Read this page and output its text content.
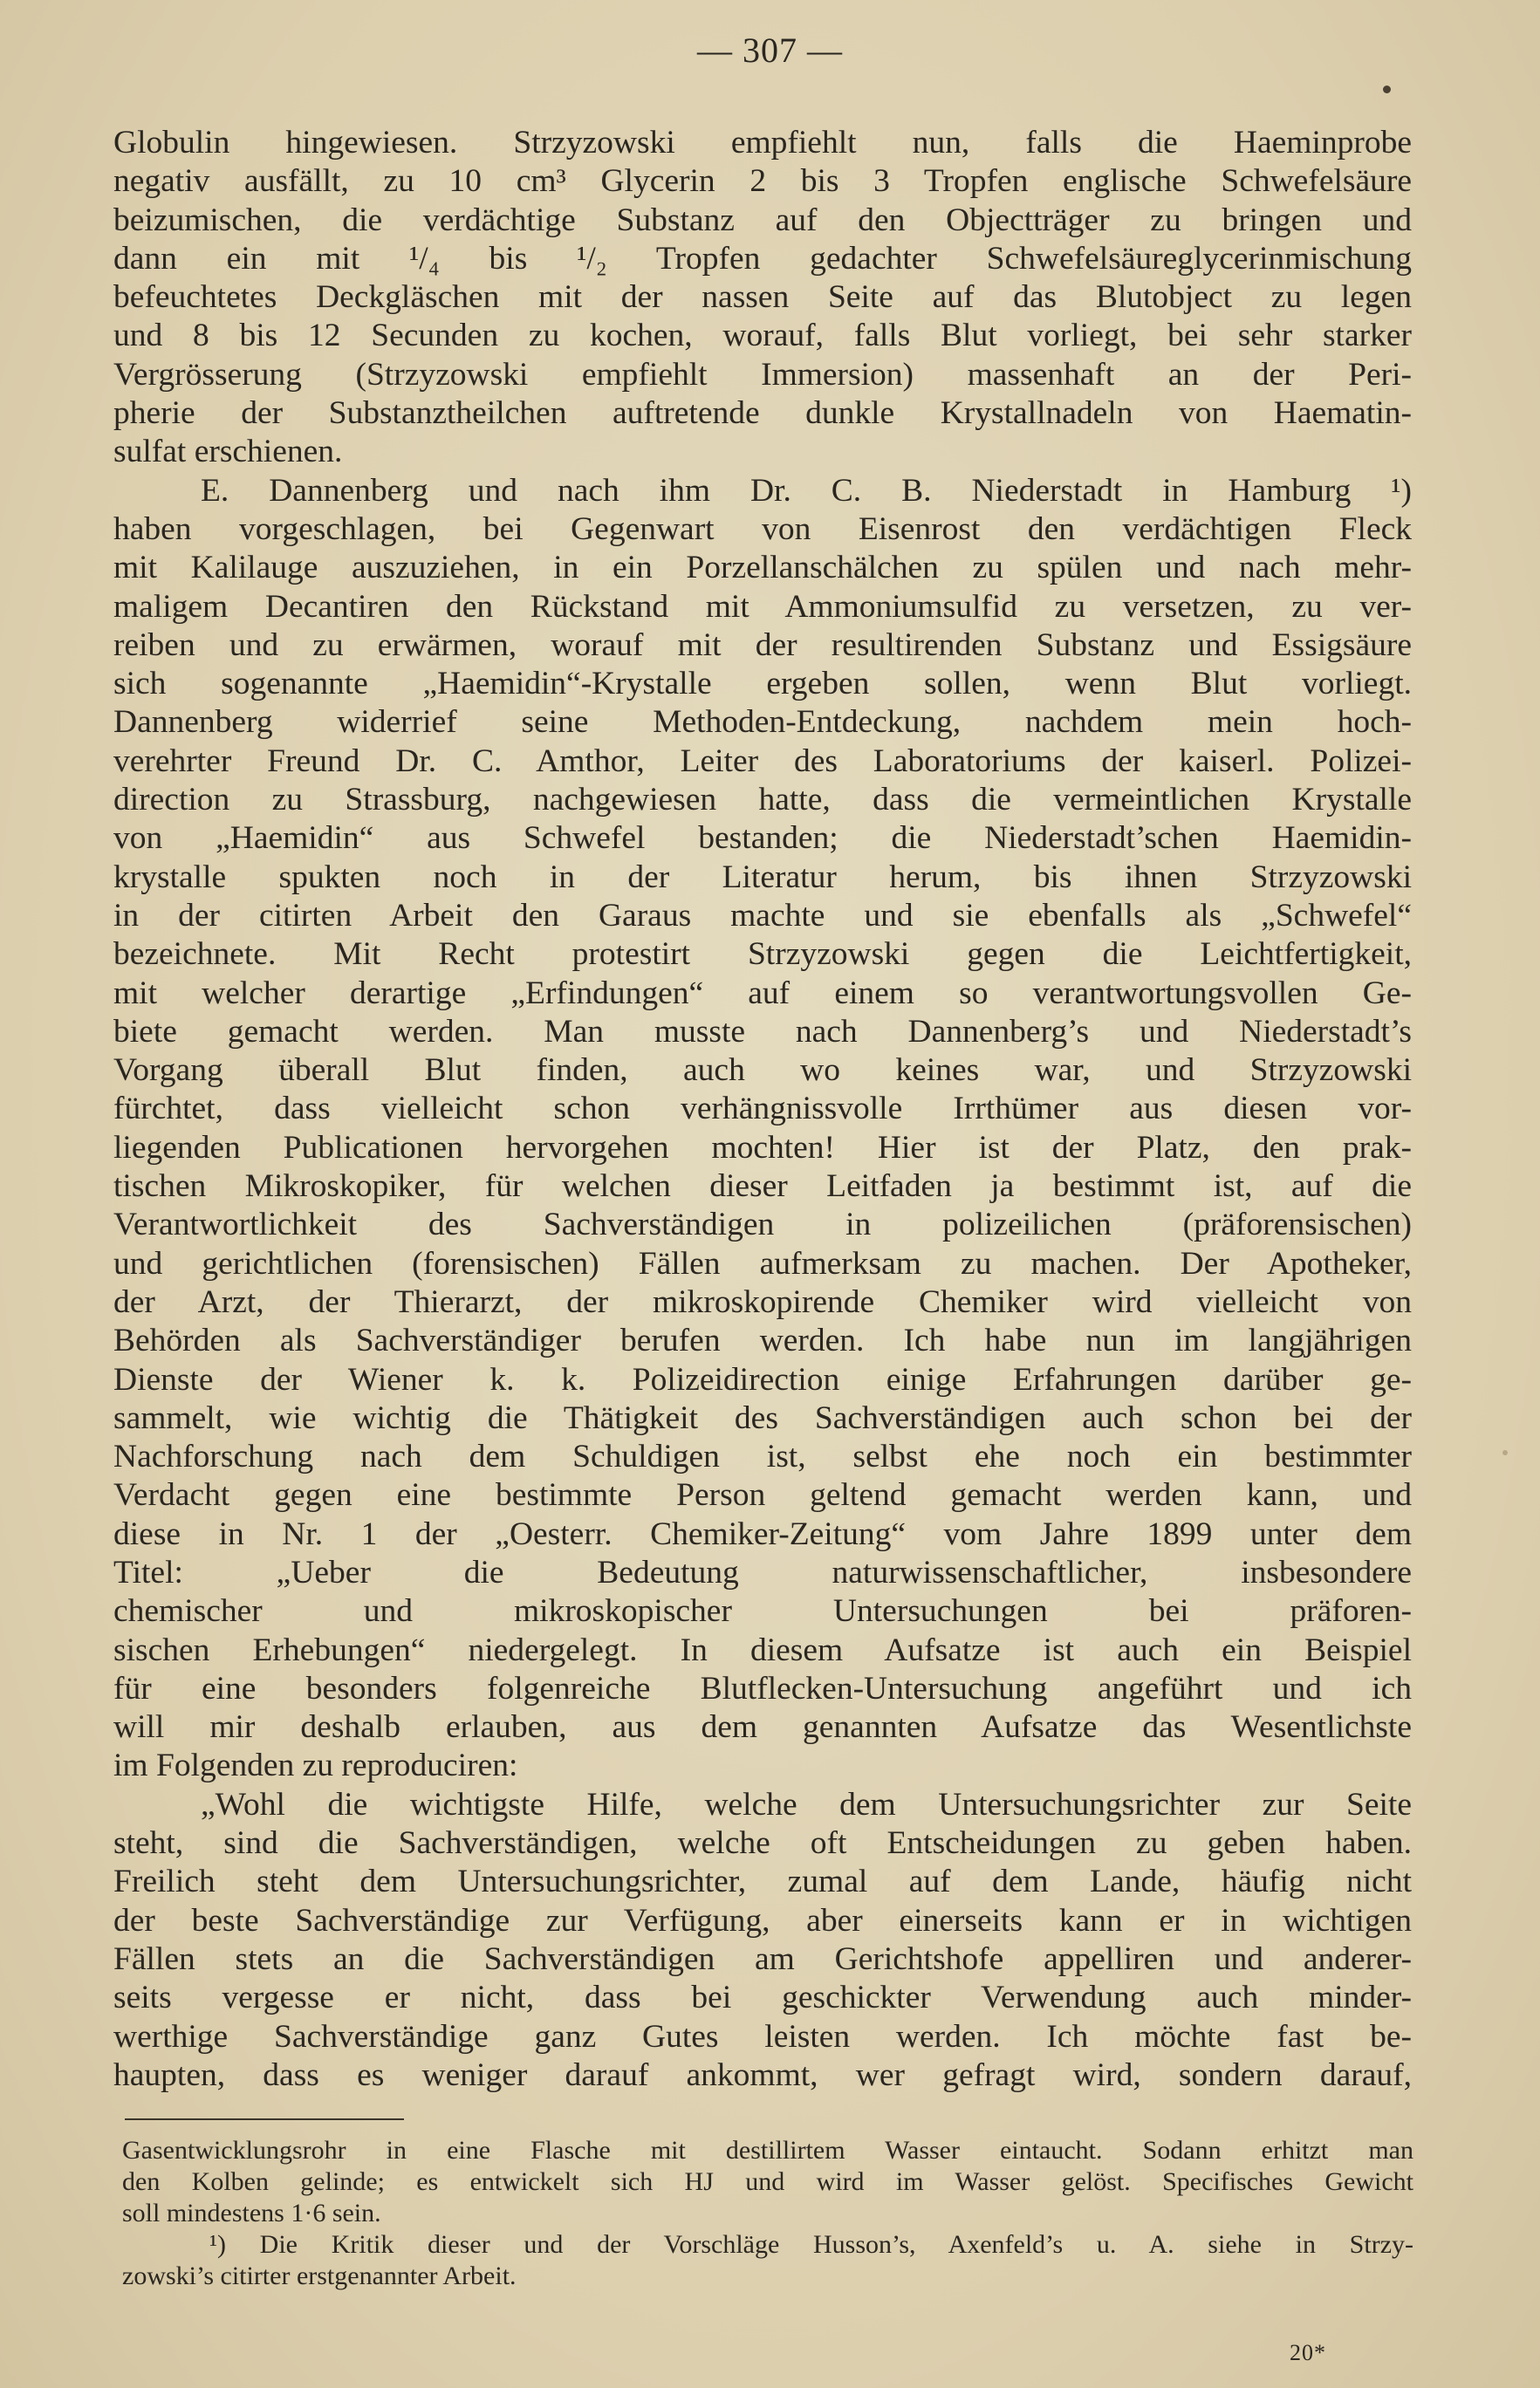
— 307 —
Globulin hingewiesen. Strzyzowski empfiehlt nun, falls die Haeminprobe
negativ ausfällt, zu 10 cm³ Glycerin 2 bis 3 Tropfen englische Schwefelsäure
beizumischen, die verdächtige Substanz auf den Objectträger zu bringen und
dann ein mit ¹/₄ bis ¹/₂ Tropfen gedachter Schwefelsäureglycerinmischung
befeuchtetes Deckgläschen mit der nassen Seite auf das Blutobject zu legen
und 8 bis 12 Secunden zu kochen, worauf, falls Blut vorliegt, bei sehr starker
Vergrösserung (Strzyzowski empfiehlt Immersion) massenhaft an der Peri-
pherie der Substanztheilchen auftretende dunkle Krystallnadeln von Haematin-
sulfat erschienen.
E. Dannenberg und nach ihm Dr. C. B. Niederstadt in Hamburg ¹)
haben vorgeschlagen, bei Gegenwart von Eisenrost den verdächtigen Fleck
mit Kalilauge auszuziehen, in ein Porzellanschälchen zu spülen und nach mehr-
maligem Decantiren den Rückstand mit Ammoniumsulfid zu versetzen, zu ver-
reiben und zu erwärmen, worauf mit der resultirenden Substanz und Essigsäure
sich sogenannte „Haemidin“-Krystalle ergeben sollen, wenn Blut vorliegt.
Dannenberg widerrief seine Methoden-Entdeckung, nachdem mein hoch-
verehrter Freund Dr. C. Amthor, Leiter des Laboratoriums der kaiserl. Polizei-
direction zu Strassburg, nachgewiesen hatte, dass die vermeintlichen Krystalle
von „Haemidin“ aus Schwefel bestanden; die Niederstadt’schen Haemidin-
krystalle spukten noch in der Literatur herum, bis ihnen Strzyzowski
in der citirten Arbeit den Garaus machte und sie ebenfalls als „Schwefel“
bezeichnete. Mit Recht protestirt Strzyzowski gegen die Leichtfertigkeit,
mit welcher derartige „Erfindungen“ auf einem so verantwortungsvollen Ge-
biete gemacht werden. Man musste nach Dannenberg’s und Niederstadt’s
Vorgang überall Blut finden, auch wo keines war, und Strzyzowski
fürchtet, dass vielleicht schon verhängnissvolle Irrthümer aus diesen vor-
liegenden Publicationen hervorgehen mochten! Hier ist der Platz, den prak-
tischen Mikroskopiker, für welchen dieser Leitfaden ja bestimmt ist, auf die
Verantwortlichkeit des Sachverständigen in polizeilichen (präforensischen)
und gerichtlichen (forensischen) Fällen aufmerksam zu machen. Der Apotheker,
der Arzt, der Thierarzt, der mikroskopirende Chemiker wird vielleicht von
Behörden als Sachverständiger berufen werden. Ich habe nun im langjährigen
Dienste der Wiener k. k. Polizeidirection einige Erfahrungen darüber ge-
sammelt, wie wichtig die Thätigkeit des Sachverständigen auch schon bei der
Nachforschung nach dem Schuldigen ist, selbst ehe noch ein bestimmter
Verdacht gegen eine bestimmte Person geltend gemacht werden kann, und
diese in Nr. 1 der „Oesterr. Chemiker-Zeitung“ vom Jahre 1899 unter dem
Titel: „Ueber die Bedeutung naturwissenschaftlicher, insbesondere
chemischer und mikroskopischer Untersuchungen bei präforen-
sischen Erhebungen“ niedergelegt. In diesem Aufsatze ist auch ein Beispiel
für eine besonders folgenreiche Blutflecken-Untersuchung angeführt und ich
will mir deshalb erlauben, aus dem genannten Aufsatze das Wesentlichste
im Folgenden zu reproduciren:
„Wohl die wichtigste Hilfe, welche dem Untersuchungsrichter zur Seite
steht, sind die Sachverständigen, welche oft Entscheidungen zu geben haben.
Freilich steht dem Untersuchungsrichter, zumal auf dem Lande, häufig nicht
der beste Sachverständige zur Verfügung, aber einerseits kann er in wichtigen
Fällen stets an die Sachverständigen am Gerichtshofe appelliren und anderer-
seits vergesse er nicht, dass bei geschickter Verwendung auch minder-
werthige Sachverständige ganz Gutes leisten werden. Ich möchte fast be-
haupten, dass es weniger darauf ankommt, wer gefragt wird, sondern darauf,
Gasentwicklungsrohr in eine Flasche mit destillirtem Wasser eintaucht. Sodann erhitzt man
den Kolben gelinde; es entwickelt sich HJ und wird im Wasser gelöst. Specifisches Gewicht
soll mindestens 1·6 sein.
¹) Die Kritik dieser und der Vorschläge Husson’s, Axenfeld’s u. A. siehe in Strzy-
zowski’s citirter erstgenannter Arbeit.
20*
